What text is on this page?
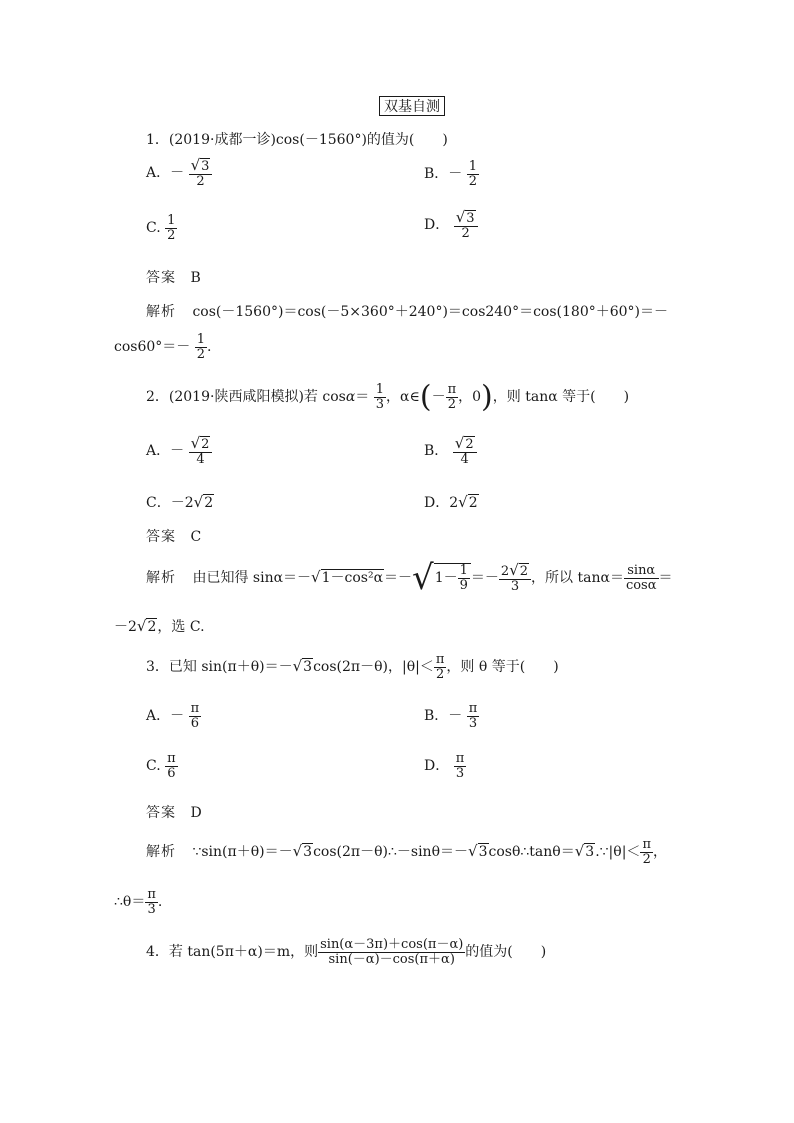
双基自测
1．(2019·成都一诊)cos(－1560°)的值为(　　)
A．－ $\frac{√3}{2}$	B．－ $\frac{1}{2}$
C. $\frac{1}{2}$	D． $\frac{√3}{2}$
答案 B
解析 cos(－1560°)＝cos(－5×360°＋240°)＝cos240°＝cos(180°＋60°)＝－
$\cos 60^\circ=- \frac{1}{2}$ .
2．(2019·陕西咸阳模拟)若 $\cos\alpha= \frac{1}{3}$ ，α∈(－ $\frac{\pi}{2}$ ，0)，则 tanα 等于(　　)
A．－ $\frac{√2}{4}$	B． $\frac{√2}{4}$
C．－2√2	D．2√2
答案 C
解析 由已知得 $\sin\alpha=-√1-\cos^2\alpha=-√1- \frac{1}{9} =- \frac{2√2}{3}$ ，所以 $\tan\alpha= \frac{\sin\alpha}{\cos\alpha}$ ＝
－2√2，选 C.
3．已知 sin(π＋θ)＝－√3cos(2π－θ)，$|\theta|< \frac{\pi}{2}$ ，则 θ 等于(　　)
A．－ $\frac{\pi}{6}$	B．－ $\frac{\pi}{3}$
C. $\frac{\pi}{6}$	D． $\frac{\pi}{3}$
答案 D
解析 ∵sin(π＋θ)＝－√3cos(2π－θ)∴－sinθ＝－√3cosθ∴tanθ＝√3.∵|θ|＜ $\frac{\pi}{2}$ ，
∴θ＝ $\frac{\pi}{3}$ .
4．若 tan(5π＋α)＝m，则 $\frac{\sin(\alpha-3\pi)+\cos(\pi-\alpha)}{\sin(-\alpha)-\cos(\pi+\alpha)}$ 的值为(　　)
